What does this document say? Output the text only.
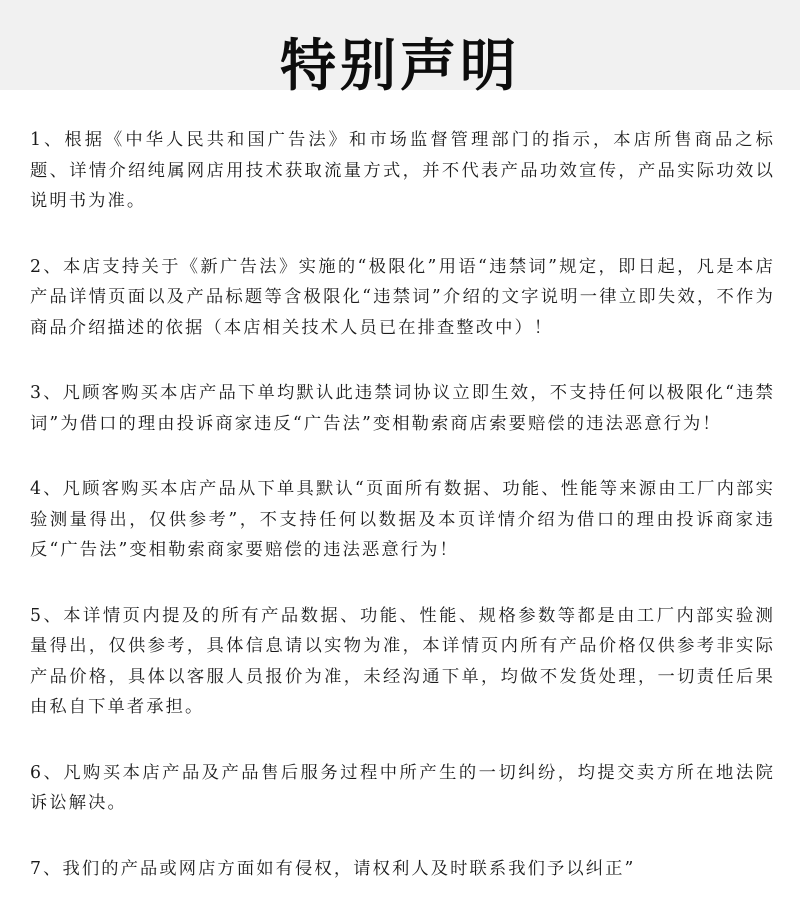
特别声明

1、根据《中华人民共和国广告法》和市场监督管理部门的指示，本店所售商品之标题、详情介绍纯属网店用技术获取流量方式，并不代表产品功效宣传，产品实际功效以说明书为准。

2、本店支持关于《新广告法》实施的“极限化”用语“违禁词”规定，即日起，凡是本店产品详情页面以及产品标题等含极限化“违禁词”介绍的文字说明一律立即失效，不作为商品介绍描述的依据（本店相关技术人员已在排查整改中）！

3、凡顾客购买本店产品下单均默认此违禁词协议立即生效，不支持任何以极限化“违禁词”为借口的理由投诉商家违反“广告法”变相勒索商店索要赔偿的违法恶意行为！

4、凡顾客购买本店产品从下单具默认“页面所有数据、功能、性能等来源由工厂内部实验测量得出，仅供参考”，不支持任何以数据及本页详情介绍为借口的理由投诉商家违反“广告法”变相勒索商家要赔偿的违法恶意行为！

5、本详情页内提及的所有产品数据、功能、性能、规格参数等都是由工厂内部实验测量得出，仅供参考，具体信息请以实物为准，本详情页内所有产品价格仅供参考非实际产品价格，具体以客服人员报价为准，未经沟通下单，均做不发货处理，一切责任后果由私自下单者承担。

6、凡购买本店产品及产品售后服务过程中所产生的一切纠纷，均提交卖方所在地法院诉讼解决。

7、我们的产品或网店方面如有侵权，请权利人及时联系我们予以纠正”
